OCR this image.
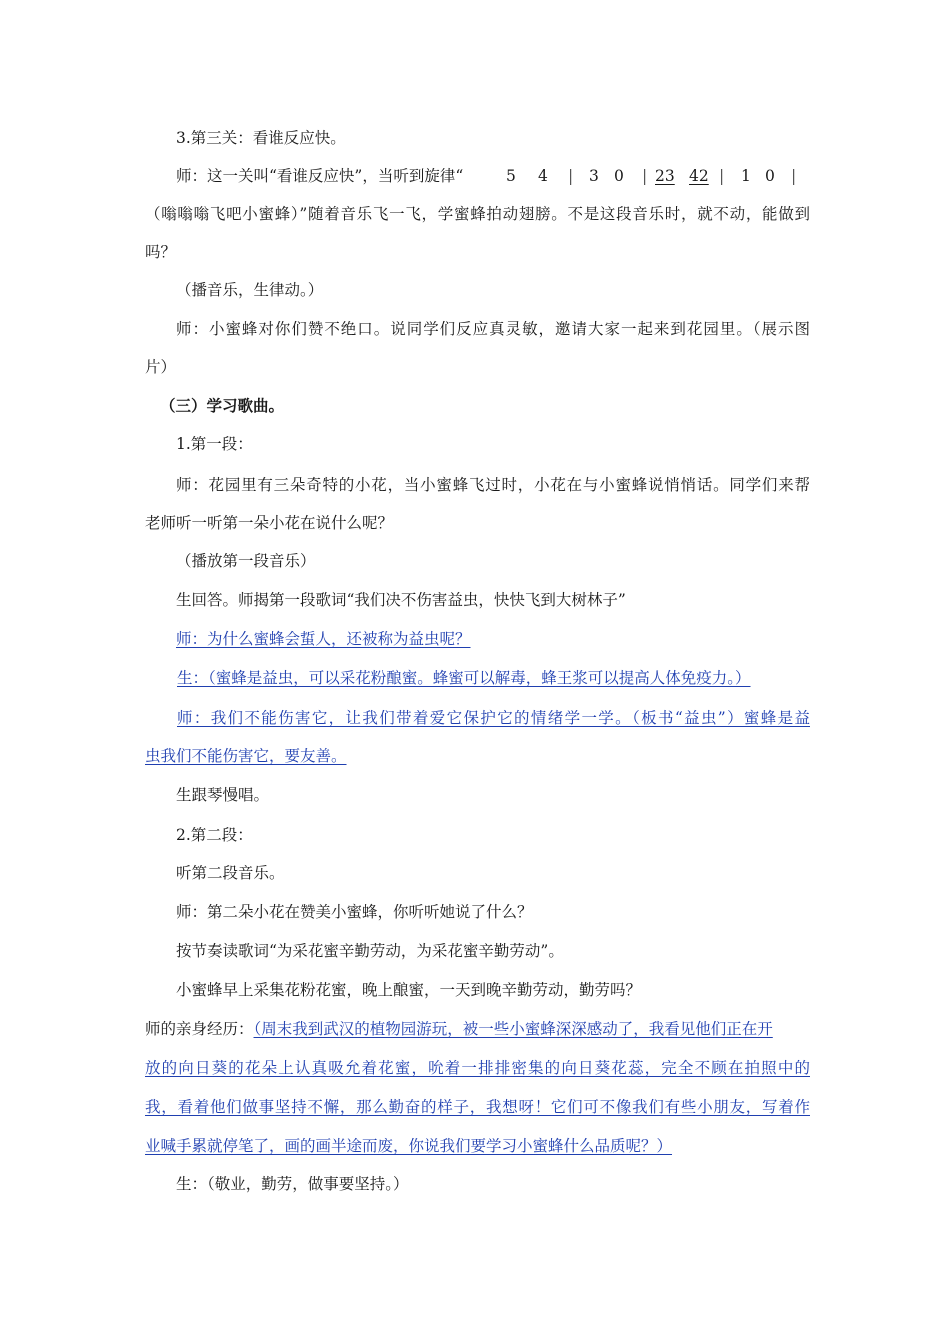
3.第三关：看谁反应快。
师：这一关叫“看谁反应快”，当听到旋律“	5 4 | 3 0 | 23 42 | 1 0 |
（嗡嗡嗡飞吧小蜜蜂）”随着音乐飞一飞，学蜜蜂拍动翅膀。不是这段音乐时，就不动，能做到
吗？
（播音乐，生律动。）
师：小蜜蜂对你们赞不绝口。说同学们反应真灵敏，邀请大家一起来到花园里。（展示图
片）
（三）学习歌曲。
1.第一段：
师：花园里有三朵奇特的小花，当小蜜蜂飞过时，小花在与小蜜蜂说悄悄话。同学们来帮
老师听一听第一朵小花在说什么呢？
（播放第一段音乐）
生回答。师揭第一段歌词“我们决不伤害益虫，快快飞到大树林子”
师：为什么蜜蜂会蜇人，还被称为益虫呢？
生：（蜜蜂是益虫，可以采花粉酿蜜。蜂蜜可以解毒，蜂王浆可以提高人体免疫力。）
师：我们不能伤害它，让我们带着爱它保护它的情绪学一学。（板书“益虫”）蜜蜂是益
虫我们不能伤害它，要友善。
生跟琴慢唱。
2.第二段：
听第二段音乐。
师：第二朵小花在赞美小蜜蜂，你听听她说了什么？
按节奏读歌词“为采花蜜辛勤劳动，为采花蜜辛勤劳动”。
小蜜蜂早上采集花粉花蜜，晚上酿蜜，一天到晚辛勤劳动，勤劳吗？
师的亲身经历：（周末我到武汉的植物园游玩，被一些小蜜蜂深深感动了，我看见他们正在开
放的向日葵的花朵上认真吸允着花蜜，吮着一排排密集的向日葵花蕊，完全不顾在拍照中的
我，看着他们做事坚持不懈，那么勤奋的样子，我想呀！它们可不像我们有些小朋友，写着作
业喊手累就停笔了，画的画半途而废，你说我们要学习小蜜蜂什么品质呢？）
生：（敬业，勤劳，做事要坚持。）
